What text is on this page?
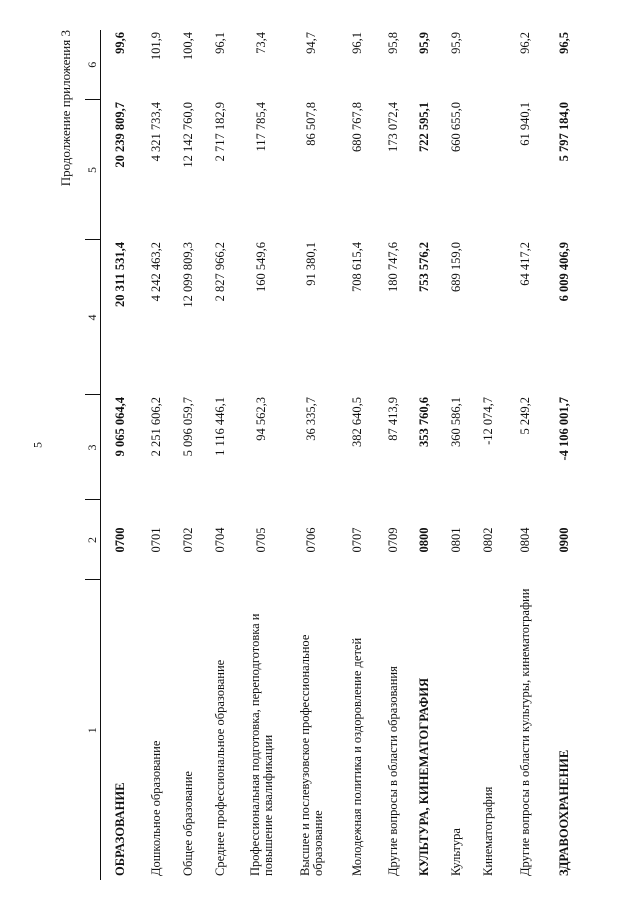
5
Продолжение приложения 3
1	2	3	4	5	6
ОБРАЗОВАНИЕ	0700	9 065 064,4	20 311 531,4	20 239 809,7	99,6
Дошкольное образование	0701	2 251 606,2	4 242 463,2	4 321 733,4	101,9
Общее образование	0702	5 096 059,7	12 099 809,3	12 142 760,0	100,4
Среднее профессиональное образование	0704	1 116 446,1	2 827 966,2	2 717 182,9	96,1
Профессиональная подготовка, переподготовка и повышение квалификации	0705	94 562,3	160 549,6	117 785,4	73,4
Высшее и послевузовское профессиональное образование	0706	36 335,7	91 380,1	86 507,8	94,7
Молодежная политика и оздоровление детей	0707	382 640,5	708 615,4	680 767,8	96,1
Другие вопросы в области образования	0709	87 413,9	180 747,6	173 072,4	95,8
КУЛЬТУРА, КИНЕМАТОГРАФИЯ	0800	353 760,6	753 576,2	722 595,1	95,9
Культура	0801	360 586,1	689 159,0	660 655,0	95,9
Кинематография	0802	-12 074,7			
Другие вопросы в области культуры, кинематографии	0804	5 249,2	64 417,2	61 940,1	96,2
ЗДРАВООХРАНЕНИЕ	0900	-4 106 001,7	6 009 406,9	5 797 184,0	96,5
